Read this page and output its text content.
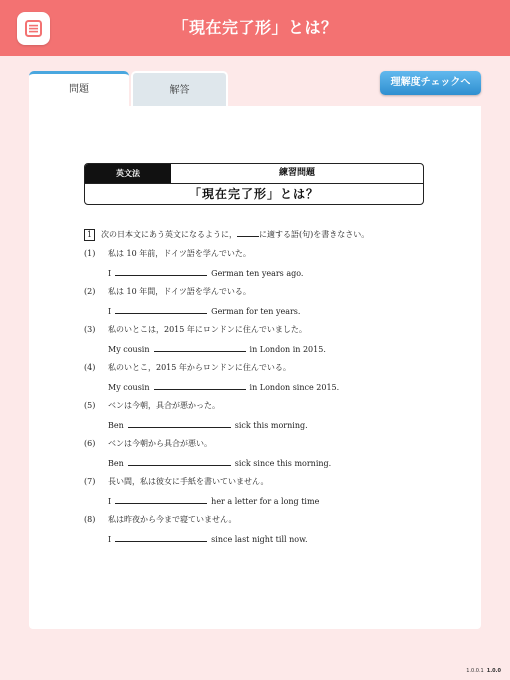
「現在完了形」とは？
問題	解答
理解度チェックへ
英文法	練習問題
「現在完了形」とは？
1 次の日本文にあう英文になるように，	に適する語(句)を書きなさい。
(1) 私は 10 年前，ドイツ語を学んでいた。
I	German ten years ago.
(2) 私は 10 年間，ドイツ語を学んでいる。
I	German for ten years.
(3) 私のいとこは，2015 年にロンドンに住んでいました。
My cousin	in London in 2015.
(4) 私のいとこ，2015 年からロンドンに住んでいる。
My cousin	in London since 2015.
(5) ベンは今朝，具合が悪かった。
Ben	sick this morning.
(6) ベンは今朝から具合が悪い。
Ben	sick since this morning.
(7) 長い間，私は彼女に手紙を書いていません。
I	her a letter for a long time
(8) 私は昨夜から今まで寝ていません。
I	since last night till now.
1.0.0.1 1.0.0
